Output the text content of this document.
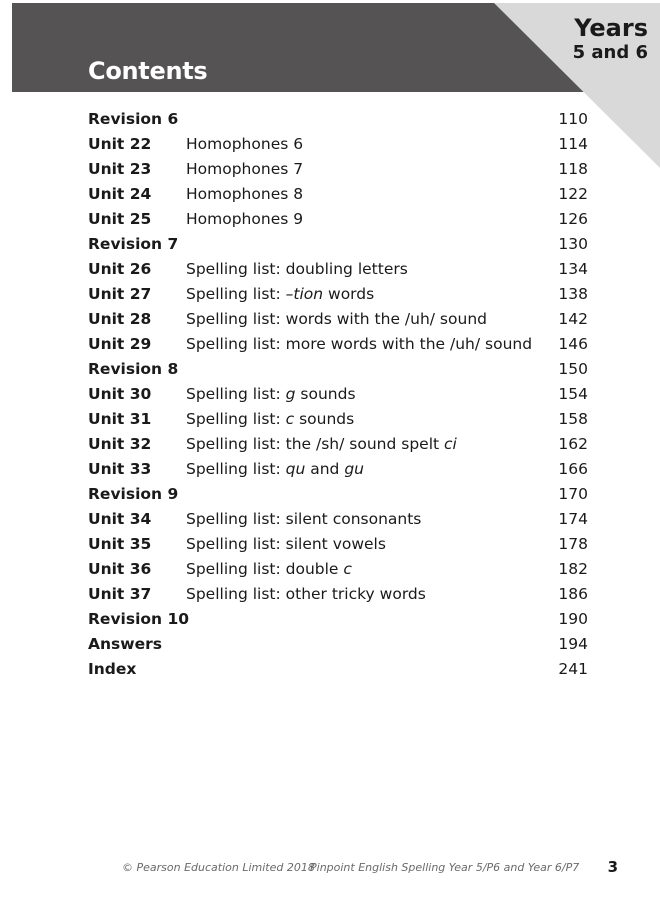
Contents
Years
5 and 6
Revision 6	110
Unit 22 Homophones 6	114
Unit 23 Homophones 7	118
Unit 24 Homophones 8	122
Unit 25 Homophones 9	126
Revision 7	130
Unit 26 Spelling list: doubling letters	134
Unit 27 Spelling list: –tion words	138
Unit 28 Spelling list: words with the /uh/ sound	142
Unit 29 Spelling list: more words with the /uh/ sound 146
Revision 8	150
Unit 30 Spelling list: g sounds	154
Unit 31 Spelling list: c sounds	158
Unit 32 Spelling list: the /sh/ sound spelt ci	162
Unit 33 Spelling list: qu and gu	166
Revision 9	170
Unit 34 Spelling list: silent consonants	174
Unit 35 Spelling list: silent vowels	178
Unit 36 Spelling list: double c	182
Unit 37 Spelling list: other tricky words	186
Revision 10	190
Answers	194
Index	241
© Pearson Education Limited 2018
Pinpoint English Spelling Year 5/P6 and Year 6/P7 3
